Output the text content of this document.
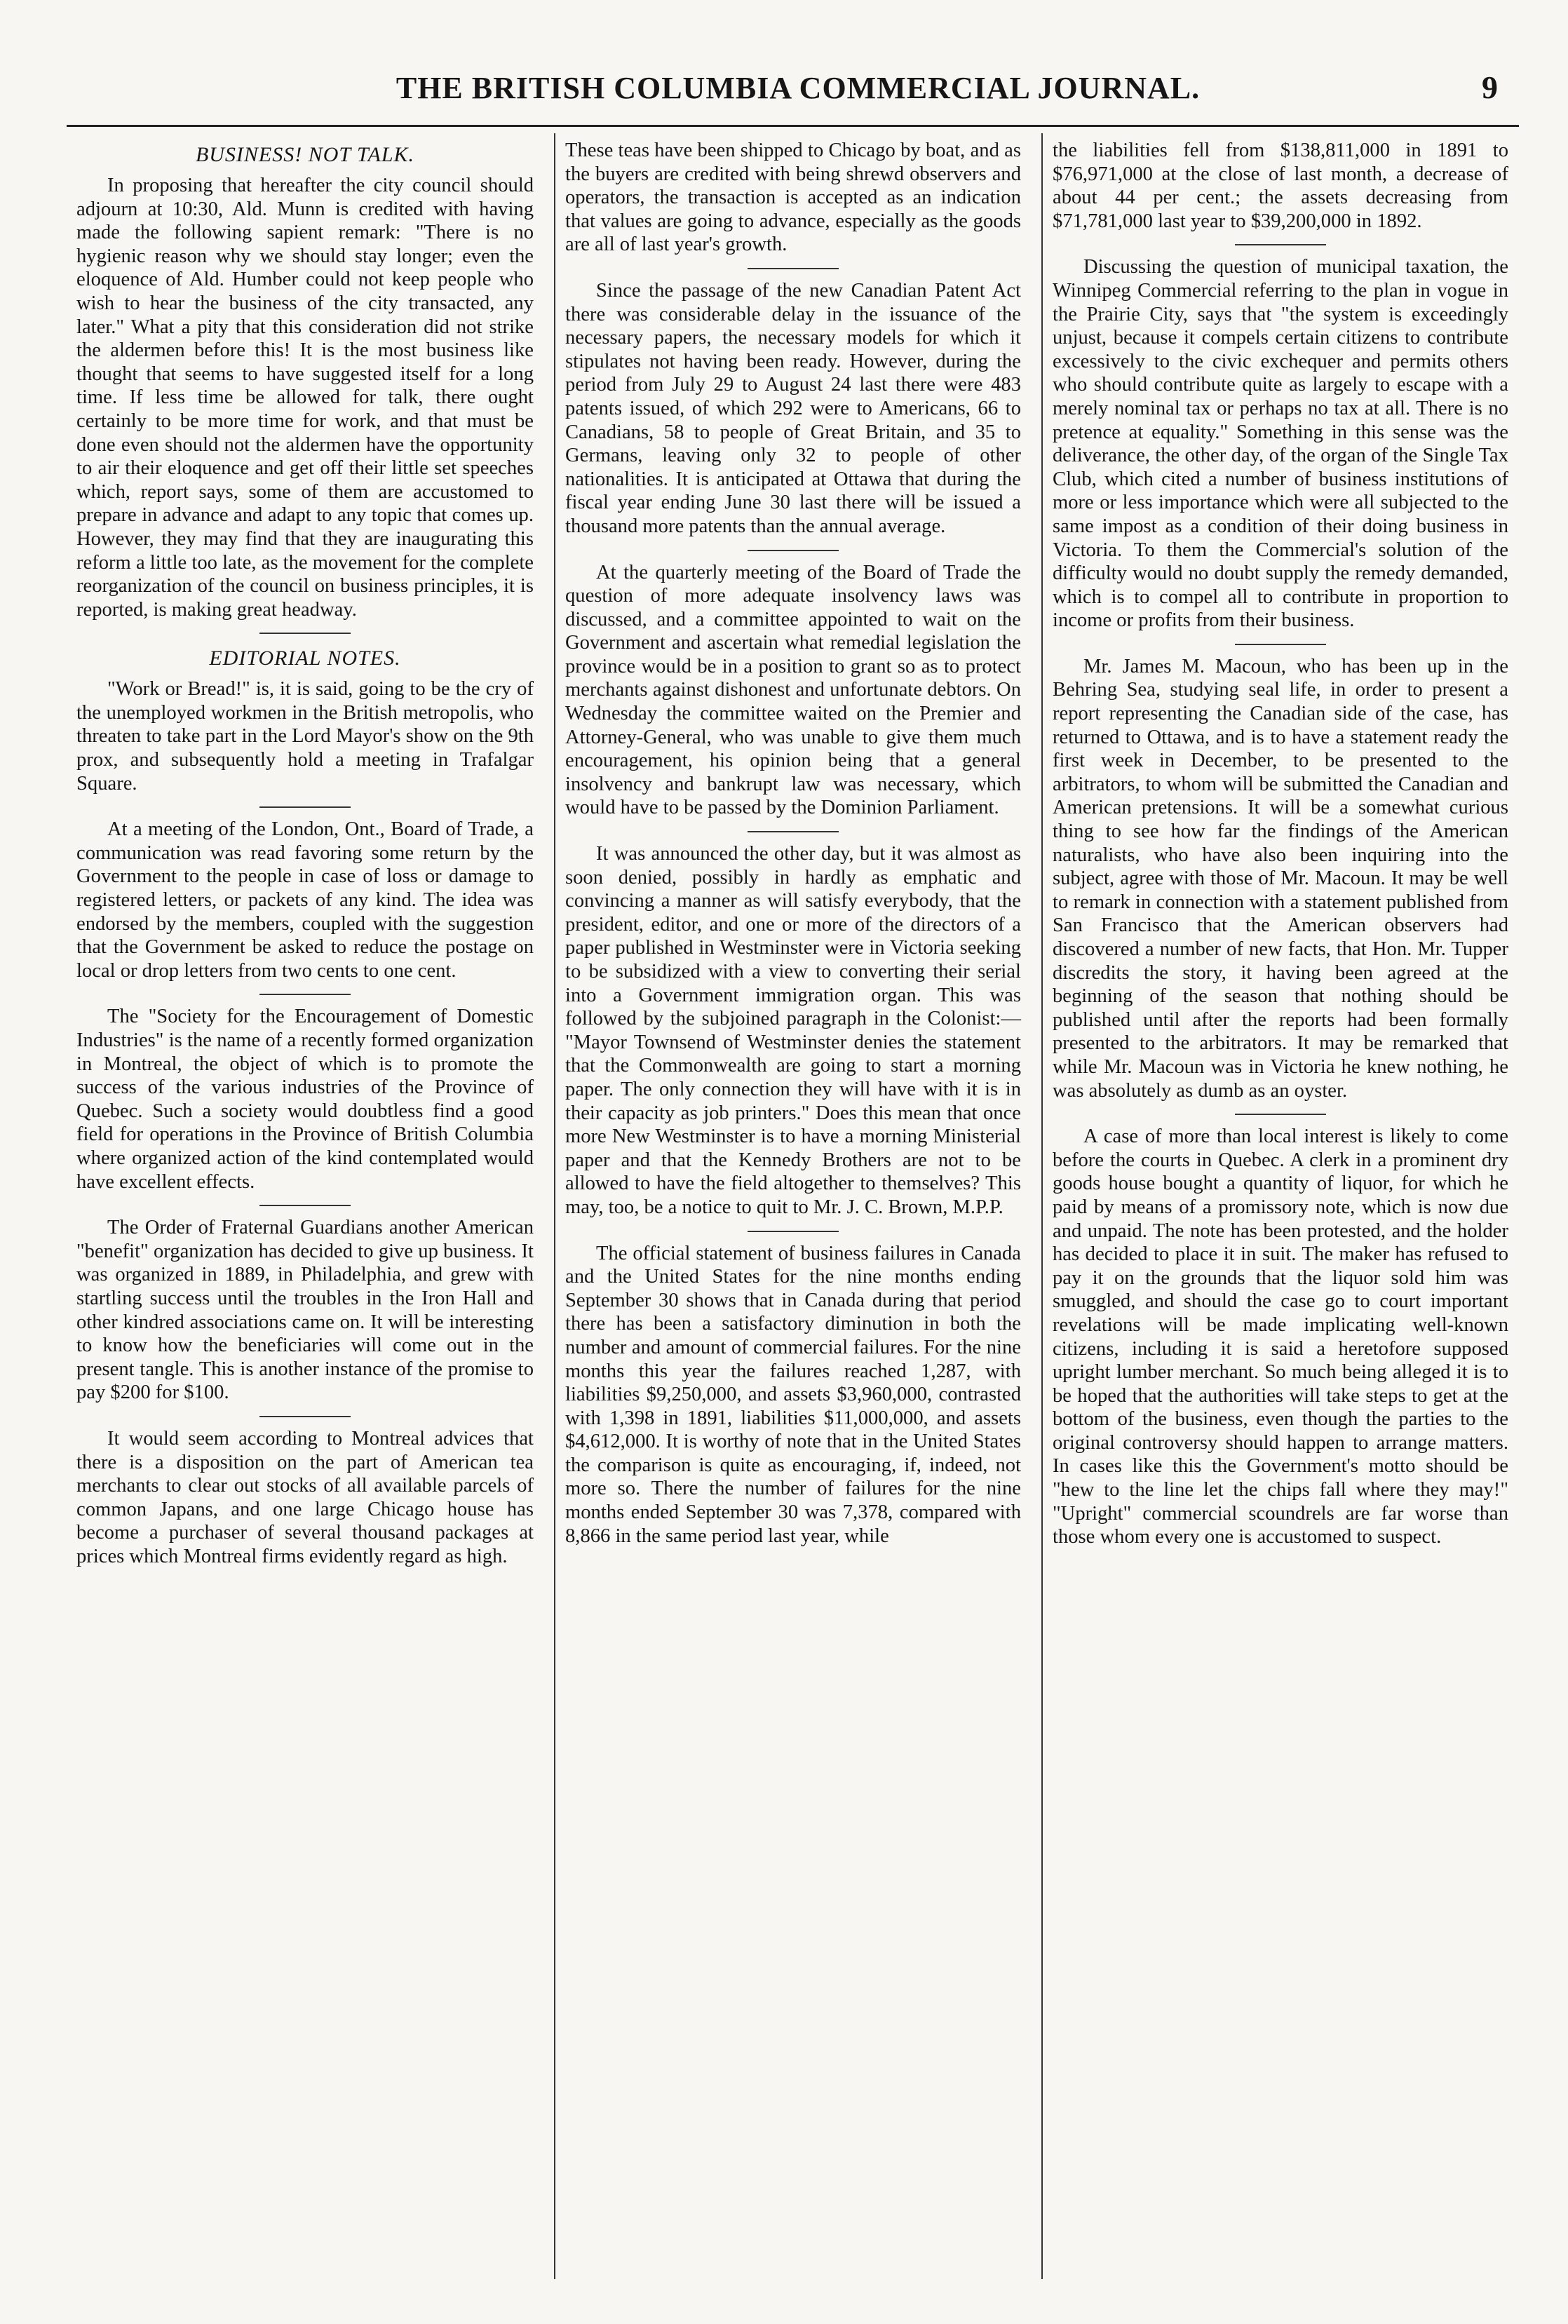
THE BRITISH COLUMBIA COMMERCIAL JOURNAL.	9
BUSINESS! NOT TALK.

In proposing that hereafter the city council should adjourn at 10:30, Ald. Munn is credited with having made the following sapient remark: "There is no hygienic reason why we should stay longer; even the eloquence of Ald. Humber could not keep people who wish to hear the business of the city transacted, any later." What a pity that this consideration did not strike the aldermen before this! It is the most business like thought that seems to have suggested itself for a long time. If less time be allowed for talk, there ought certainly to be more time for work, and that must be done even should not the aldermen have the opportunity to air their eloquence and get off their little set speeches which, report says, some of them are accustomed to prepare in advance and adapt to any topic that comes up. However, they may find that they are inaugurating this reform a little too late, as the movement for the complete reorganization of the council on business principles, it is reported, is making great headway.

EDITORIAL NOTES.

"Work or Bread!" is, it is said, going to be the cry of the unemployed workmen in the British metropolis, who threaten to take part in the Lord Mayor's show on the 9th prox, and subsequently hold a meeting in Trafalgar Square.

At a meeting of the London, Ont., Board of Trade, a communication was read favoring some return by the Government to the people in case of loss or damage to registered letters, or packets of any kind. The idea was endorsed by the members, coupled with the suggestion that the Government be asked to reduce the postage on local or drop letters from two cents to one cent.

The "Society for the Encouragement of Domestic Industries" is the name of a recently formed organization in Montreal, the object of which is to promote the success of the various industries of the Province of Quebec. Such a society would doubtless find a good field for operations in the Province of British Columbia where organized action of the kind contemplated would have excellent effects.

The Order of Fraternal Guardians another American "benefit" organization has decided to give up business. It was organized in 1889, in Philadelphia, and grew with startling success until the troubles in the Iron Hall and other kindred associations came on. It will be interesting to know how the beneficiaries will come out in the present tangle. This is another instance of the promise to pay $200 for $100.

It would seem according to Montreal advices that there is a disposition on the part of American tea merchants to clear out stocks of all available parcels of common Japans, and one large Chicago house has become a purchaser of several thousand packages at prices which Montreal firms evidently regard as high.

These teas have been shipped to Chicago by boat, and as the buyers are credited with being shrewd observers and operators, the transaction is accepted as an indication that values are going to advance, especially as the goods are all of last year's growth.

Since the passage of the new Canadian Patent Act there was considerable delay in the issuance of the necessary papers, the necessary models for which it stipulates not having been ready. However, during the period from July 29 to August 24 last there were 483 patents issued, of which 292 were to Americans, 66 to Canadians, 58 to people of Great Britain, and 35 to Germans, leaving only 32 to people of other nationalities. It is anticipated at Ottawa that during the fiscal year ending June 30 last there will be issued a thousand more patents than the annual average.

At the quarterly meeting of the Board of Trade the question of more adequate insolvency laws was discussed, and a committee appointed to wait on the Government and ascertain what remedial legislation the province would be in a position to grant so as to protect merchants against dishonest and unfortunate debtors. On Wednesday the committee waited on the Premier and Attorney-General, who was unable to give them much encouragement, his opinion being that a general insolvency and bankrupt law was necessary, which would have to be passed by the Dominion Parliament.

It was announced the other day, but it was almost as soon denied, possibly in hardly as emphatic and convincing a manner as will satisfy everybody, that the president, editor, and one or more of the directors of a paper published in Westminster were in Victoria seeking to be subsidized with a view to converting their serial into a Government immigration organ. This was followed by the subjoined paragraph in the Colonist:— "Mayor Townsend of Westminster denies the statement that the Commonwealth are going to start a morning paper. The only connection they will have with it is in their capacity as job printers." Does this mean that once more New Westminster is to have a morning Ministerial paper and that the Kennedy Brothers are not to be allowed to have the field altogether to themselves? This may, too, be a notice to quit to Mr. J. C. Brown, M.P.P.

The official statement of business failures in Canada and the United States for the nine months ending September 30 shows that in Canada during that period there has been a satisfactory diminution in both the number and amount of commercial failures. For the nine months this year the failures reached 1,287, with liabilities $9,250,000, and assets $3,960,000, contrasted with 1,398 in 1891, liabilities $11,000,000, and assets $4,612,000. It is worthy of note that in the United States the comparison is quite as encouraging, if, indeed, not more so. There the number of failures for the nine months ended September 30 was 7,378, compared with 8,866 in the same period last year, while

the liabilities fell from $138,811,000 in 1891 to $76,971,000 at the close of last month, a decrease of about 44 per cent.; the assets decreasing from $71,781,000 last year to $39,200,000 in 1892.

Discussing the question of municipal taxation, the Winnipeg Commercial referring to the plan in vogue in the Prairie City, says that "the system is exceedingly unjust, because it compels certain citizens to contribute excessively to the civic exchequer and permits others who should contribute quite as largely to escape with a merely nominal tax or perhaps no tax at all. There is no pretence at equality." Something in this sense was the deliverance, the other day, of the organ of the Single Tax Club, which cited a number of business institutions of more or less importance which were all subjected to the same impost as a condition of their doing business in Victoria. To them the Commercial's solution of the difficulty would no doubt supply the remedy demanded, which is to compel all to contribute in proportion to income or profits from their business.

Mr. James M. Macoun, who has been up in the Behring Sea, studying seal life, in order to present a report representing the Canadian side of the case, has returned to Ottawa, and is to have a statement ready the first week in December, to be presented to the arbitrators, to whom will be submitted the Canadian and American pretensions. It will be a somewhat curious thing to see how far the findings of the American naturalists, who have also been inquiring into the subject, agree with those of Mr. Macoun. It may be well to remark in connection with a statement published from San Francisco that the American observers had discovered a number of new facts, that Hon. Mr. Tupper discredits the story, it having been agreed at the beginning of the season that nothing should be published until after the reports had been formally presented to the arbitrators. It may be remarked that while Mr. Macoun was in Victoria he knew nothing, he was absolutely as dumb as an oyster.

A case of more than local interest is likely to come before the courts in Quebec. A clerk in a prominent dry goods house bought a quantity of liquor, for which he paid by means of a promissory note, which is now due and unpaid. The note has been protested, and the holder has decided to place it in suit. The maker has refused to pay it on the grounds that the liquor sold him was smuggled, and should the case go to court important revelations will be made implicating well-known citizens, including it is said a heretofore supposed upright lumber merchant. So much being alleged it is to be hoped that the authorities will take steps to get at the bottom of the business, even though the parties to the original controversy should happen to arrange matters. In cases like this the Government's motto should be "hew to the line let the chips fall where they may!" "Upright" commercial scoundrels are far worse than those whom every one is accustomed to suspect.
